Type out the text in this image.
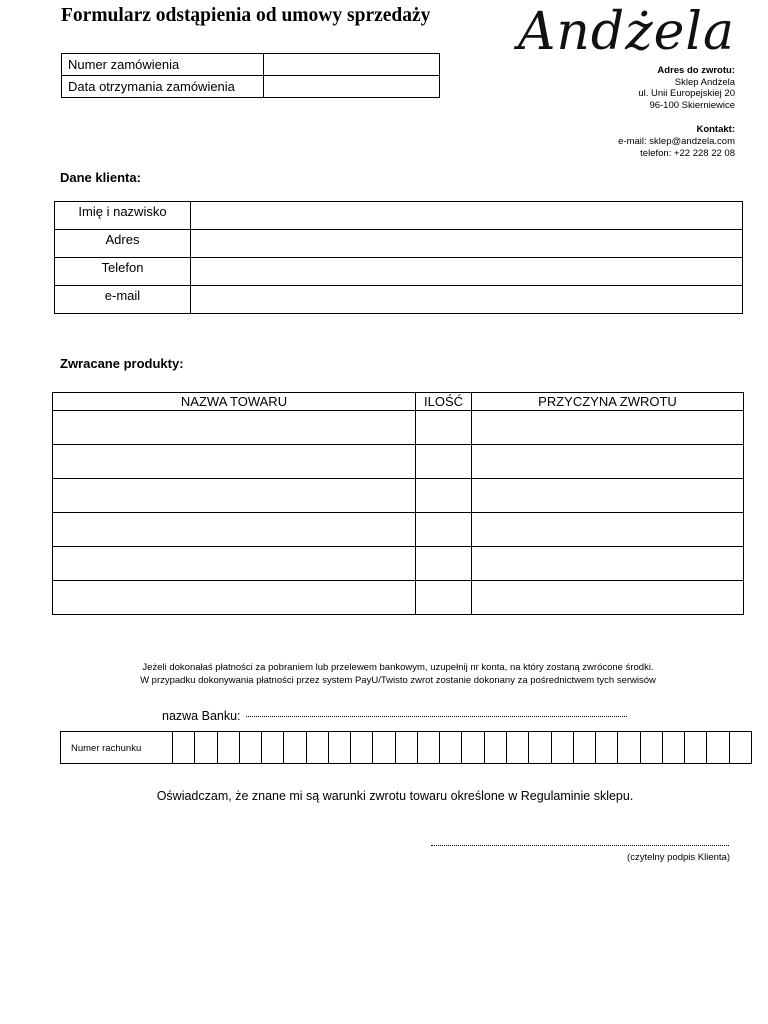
Formularz odstąpienia od umowy sprzedaży
Numer zamówienia	
Data otrzymania zamówienia	
Andżela
Adres do zwrotu:
Sklep Andżela
ul. Unii Europejskiej 20
96-100 Skierniewice
Kontakt:
e-mail: sklep@andzela.com
telefon: +22 228 22 08
Dane klienta:
Imię i nazwisko	
Adres	
Telefon	
e-mail	
Zwracane produkty:
NAZWA TOWARU	ILOŚĆ	PRZYCZYNA ZWROTU

Jeżeli dokonałaś płatności za pobraniem lub przelewem bankowym, uzupełnij nr konta, na który zostaną zwrócone środki.
W przypadku dokonywania płatności przez system PayU/Twisto zwrot zostanie dokonany za pośrednictwem tych serwisów
nazwa Banku:
Numer rachunku
Oświadczam, że znane mi są warunki zwrotu towaru określone w Regulaminie sklepu.
(czytelny podpis Klienta)
